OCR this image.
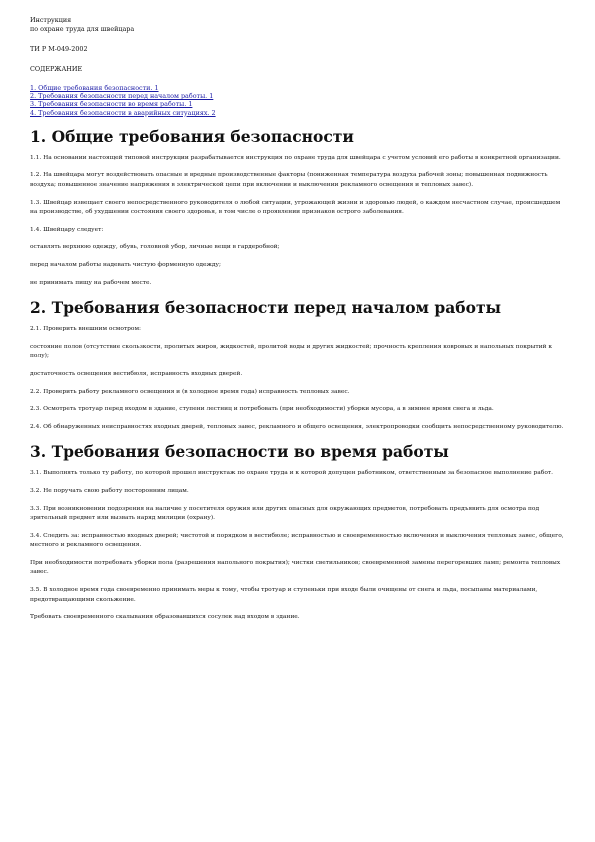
Инструкция

по охране труда для швейцара

ТИ Р М-049-2002

СОДЕРЖАНИЕ

1. Общие требования безопасности. 1
2. Требования безопасности перед началом работы. 1
3. Требования безопасности во время работы. 1
4. Требования безопасности в аварийных ситуациях. 2
1. Общие требования безопасности

1.1. На основании настоящей типовой инструкции разрабатывается инструкция по охране труда для швейцара с учетом условий его работы в конкретной организации.

1.2. На швейцара могут воздействовать опасные и вредные производственные факторы (пониженная температура воздуха рабочей зоны; повышенная подвижность воздуха; повышенное значение напряжения в электрической цепи при включении и выключении рекламного освещения и тепловых завес).

1.3. Швейцар извещает своего непосредственного руководителя о любой ситуации, угрожающей жизни и здоровью людей, о каждом несчастном случае, происшедшем на производстве, об ухудшении состояния своего здоровья, в том числе о проявлении признаков острого заболевания.

1.4. Швейцару следует:

оставлять верхнюю одежду, обувь, головной убор, личные вещи в гардеробной;

перед началом работы надевать чистую форменную одежду;

не принимать пищу на рабочем месте.

2. Требования безопасности перед началом работы

2.1. Проверить внешним осмотром:

состояние полов (отсутствие скользкости, пролитых жиров, жидкостей, пролитой воды и других жидкостей; прочность крепления ковровых и напольных покрытий к полу);

достаточность освещения вестибюля, исправность входных дверей.

2.2. Проверить работу рекламного освещения и (в холодное время года) исправность тепловых завес.

2.3. Осмотреть тротуар перед входом в здание, ступени лестниц и потребовать (при необходимости) уборки мусора, а в зимнее время снега и льда.

2.4. Об обнаруженных неисправностях входных дверей, тепловых завес, рекламного и общего освещения, электропроводки сообщить непосредственному руководителю.

3. Требования безопасности во время работы

3.1. Выполнять только ту работу, по которой прошел инструктаж по охране труда и к которой допущен работником, ответственным за безопасное выполнение работ.

3.2. Не поручать свою работу посторонним лицам.

3.3. При возникновении подозрения на наличие у посетителя оружия или других опасных для окружающих предметов, потребовать предъявить для осмотра под зрительный предмет или вызвать наряд милиции (охрану).

3.4. Следить за: исправностью входных дверей; чистотой и порядком в вестибюле; исправностью и своевременностью включения и выключения тепловых завес, общего, местного и рекламного освещения.

При необходимости потребовать уборки пола (разрешения напольного покрытия); чистки светильников; своевременной замены перегоревших ламп; ремонта тепловых завес.

3.5. В холодное время года своевременно принимать меры к тому, чтобы тротуар и ступеньки при входе были очищены от снега и льда, посыпаны материалами, предотвращающими скольжение.

Требовать своевременного скалывания образовавшихся сосулек над входом в здание.
